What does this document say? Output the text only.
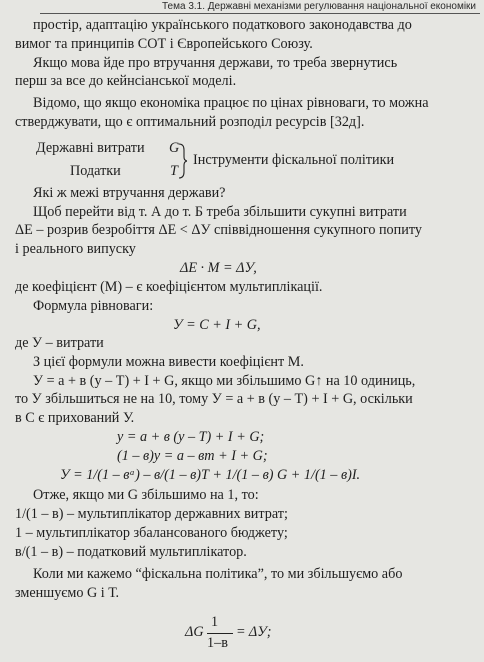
Тема 3.1. Державні механізми регулювання національної економіки
простір, адаптацію українського податкового законодавства до
вимог та принципів СОТ і Європейського Союзу.
Якщо мова йде про втручання держави, то треба звернутись
перш за все до кейнсіанської моделі.
Відомо, що якщо економіка працює по цінах рівноваги, то можна
стверджувати, що є оптимальний розподіл ресурсів [32д].
Державні витрати G
Податки	T
Інструменти фіскальної політики
Які ж межі втручання держави?
Щоб перейти від т. А до т. Б треба збільшити сукупні витрати
ΔЕ – розрив безробіття ΔЕ < ΔУ співвідношення сукупного попиту
і реального випуску
ΔЕ · М = ΔУ,
де коефіцієнт (М) – є коефіцієнтом мультиплікації.
Формула рівноваги:
У = С + І + G,
де У – витрати
З цієї формули можна вивести коефіцієнт М.
У = а + в (у – Т) + І + G, якщо ми збільшимо G↑ на 10 одиниць,
то У збільшиться не на 10, тому У = а + в (у – Т) + І + G, оскільки
в С є прихований У.
у = а + в (у – Т) + І + G;
(1 – в)у = а – вm + І + G;
У = 1/(1 – вᵃ) – в/(1 – в)Т + 1/(1 – в) G + 1/(1 – в)І.
Отже, якщо ми G збільшимо на 1, то:
1/(1 – в) – мультиплікатор державних витрат;
1 – мультиплікатор збалансованого бюджету;
в/(1 – в) – податковий мультиплікатор.
Коли ми кажемо “фіскальна політика”, то ми збільшуємо або
зменшуємо G і Т.
ΔG
1
1–в
= ΔУ;
